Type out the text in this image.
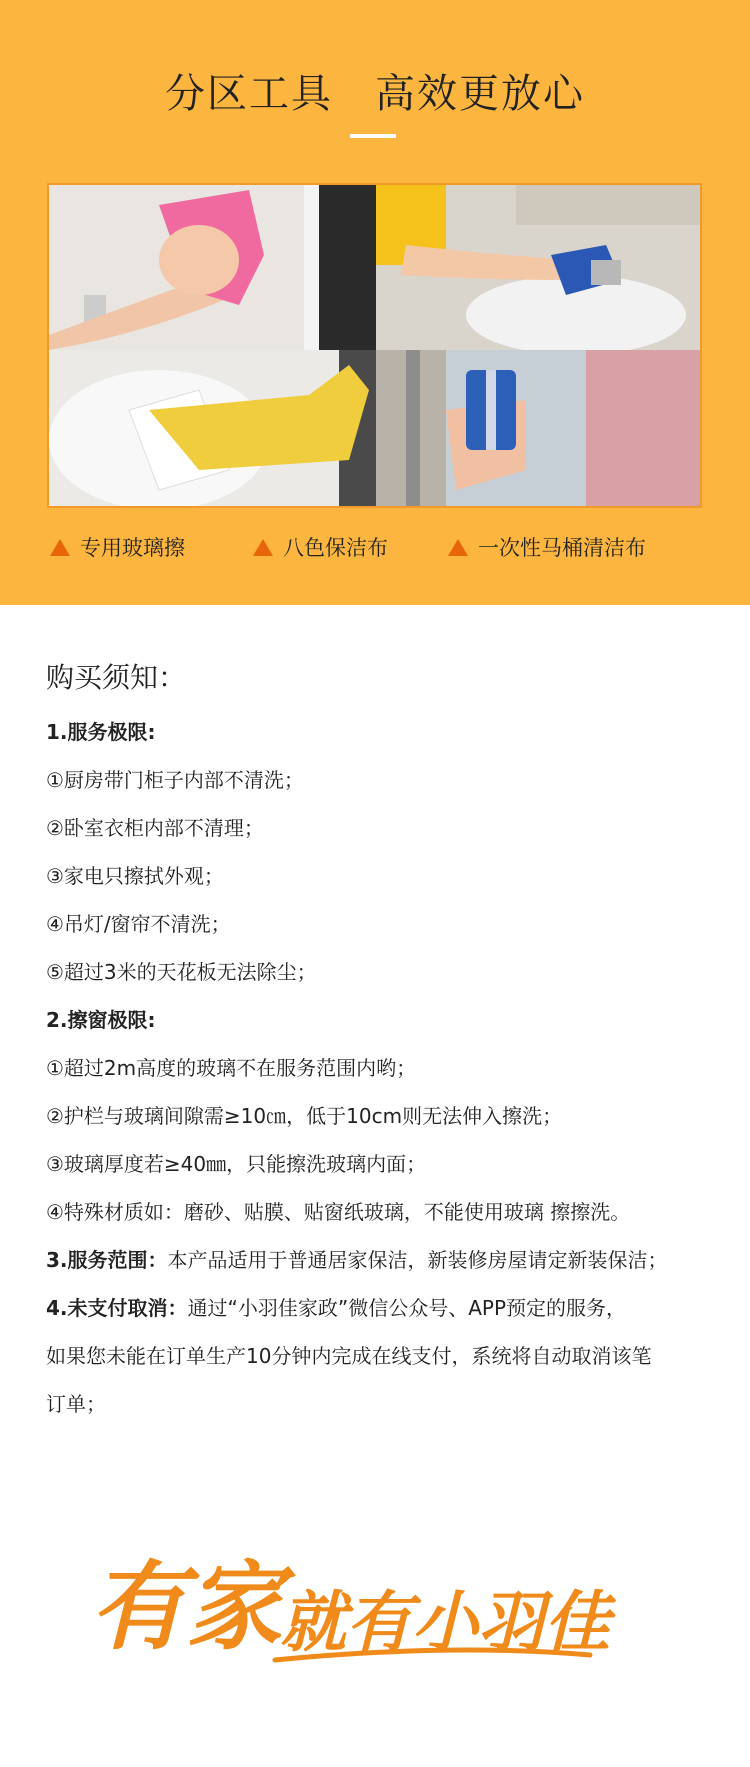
分区工具　高效更放心
专用玻璃擦	八色保洁布	一次性马桶清洁布
购买须知：
1.服务极限:
①厨房带门柜子内部不清洗；
②卧室衣柜内部不清理；
③家电只擦拭外观；
④吊灯/窗帘不清洗；
⑤超过3米的天花板无法除尘；
2.擦窗极限:
①超过2m高度的玻璃不在服务范围内哟；
②护栏与玻璃间隙需≥10㎝，低于10cm则无法伸入擦洗；
③玻璃厚度若≥40㎜，只能擦洗玻璃内面；
④特殊材质如：磨砂、贴膜、贴窗纸玻璃，不能使用玻璃 擦擦洗。
3.服务范围：本产品适用于普通居家保洁，新装修房屋请定新装保洁；
4.未支付取消：通过“小羽佳家政”微信公众号、APP预定的服务，
如果您未能在订单生产10分钟内完成在线支付，系统将自动取消该笔
订单；
有家
就有小羽佳
